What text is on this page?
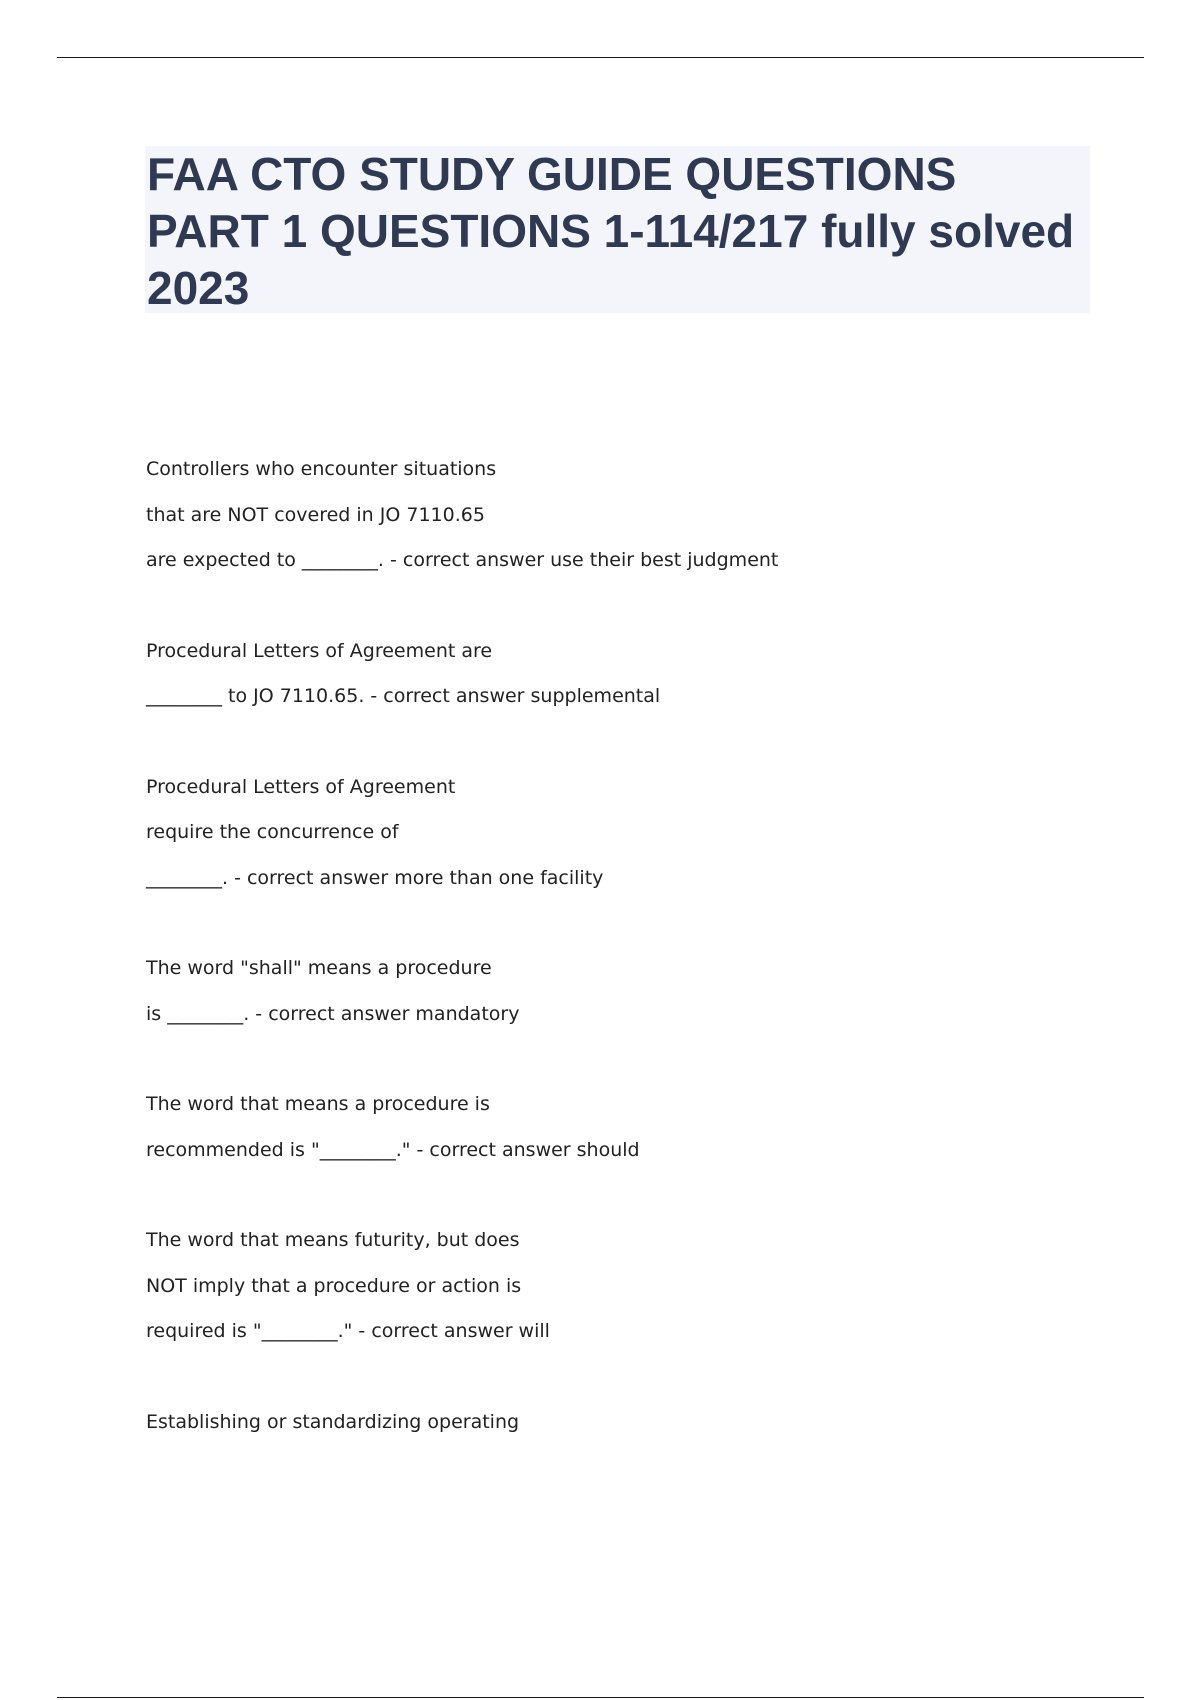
FAA CTO STUDY GUIDE QUESTIONS PART 1 QUESTIONS 1-114/217 fully solved 2023
Controllers who encounter situations
that are NOT covered in JO 7110.65
are expected to ________. - correct answer use their best judgment
Procedural Letters of Agreement are
________ to JO 7110.65. - correct answer supplemental
Procedural Letters of Agreement
require the concurrence of
________. - correct answer more than one facility
The word "shall" means a procedure
is ________. - correct answer mandatory
The word that means a procedure is
recommended is "________." - correct answer should
The word that means futurity, but does
NOT imply that a procedure or action is
required is "________." - correct answer will
Establishing or standardizing operating
